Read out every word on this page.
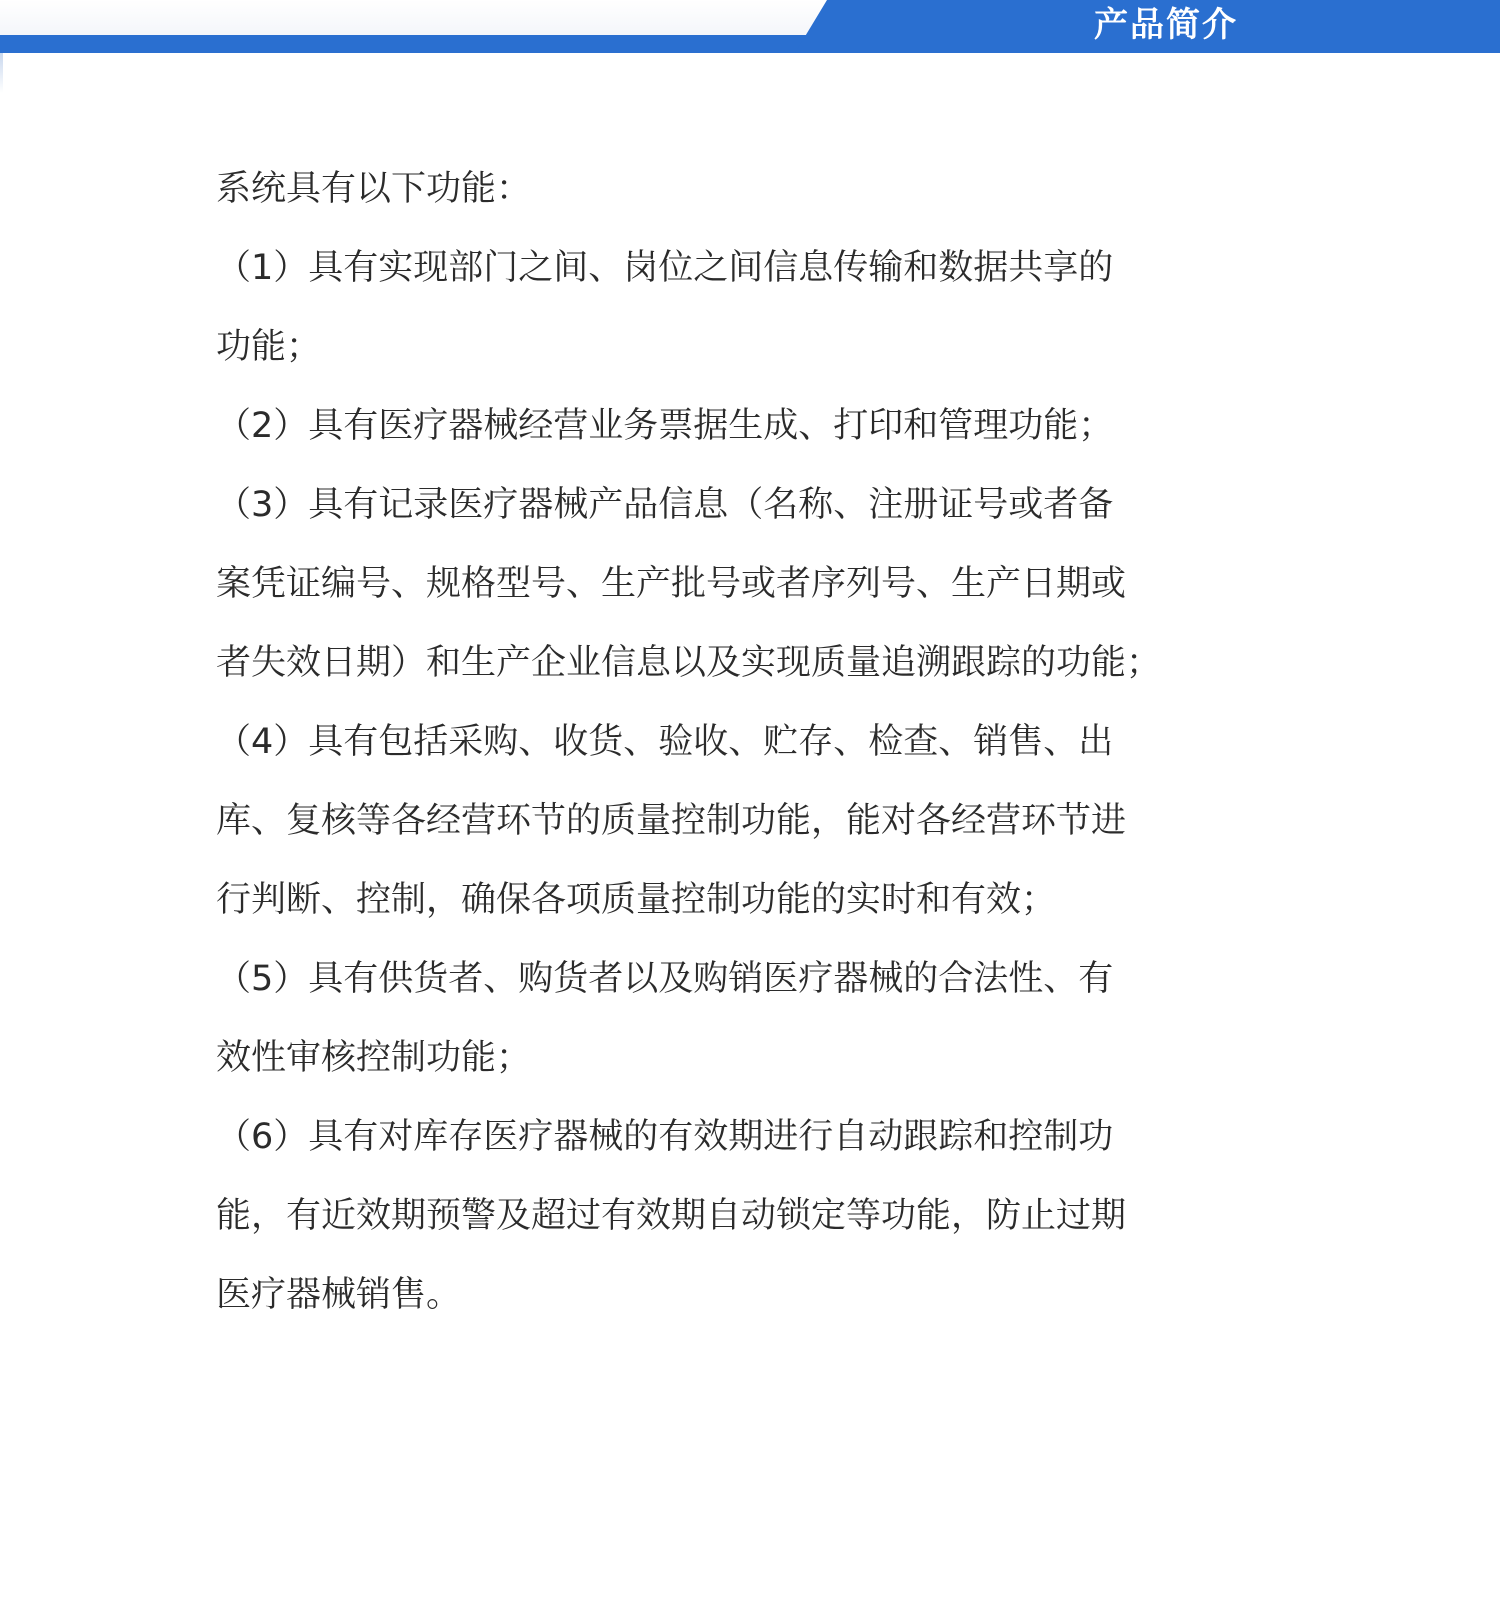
产品简介

系统具有以下功能：

（1）具有实现部门之间、岗位之间信息传输和数据共享的

功能；

（2）具有医疗器械经营业务票据生成、打印和管理功能；

（3）具有记录医疗器械产品信息（名称、注册证号或者备

案凭证编号、规格型号、生产批号或者序列号、生产日期或

者失效日期）和生产企业信息以及实现质量追溯跟踪的功能；

（4）具有包括采购、收货、验收、贮存、检查、销售、出

库、复核等各经营环节的质量控制功能，能对各经营环节进

行判断、控制，确保各项质量控制功能的实时和有效；

（5）具有供货者、购货者以及购销医疗器械的合法性、有

效性审核控制功能；

（6）具有对库存医疗器械的有效期进行自动跟踪和控制功

能，有近效期预警及超过有效期自动锁定等功能，防止过期

医疗器械销售。
